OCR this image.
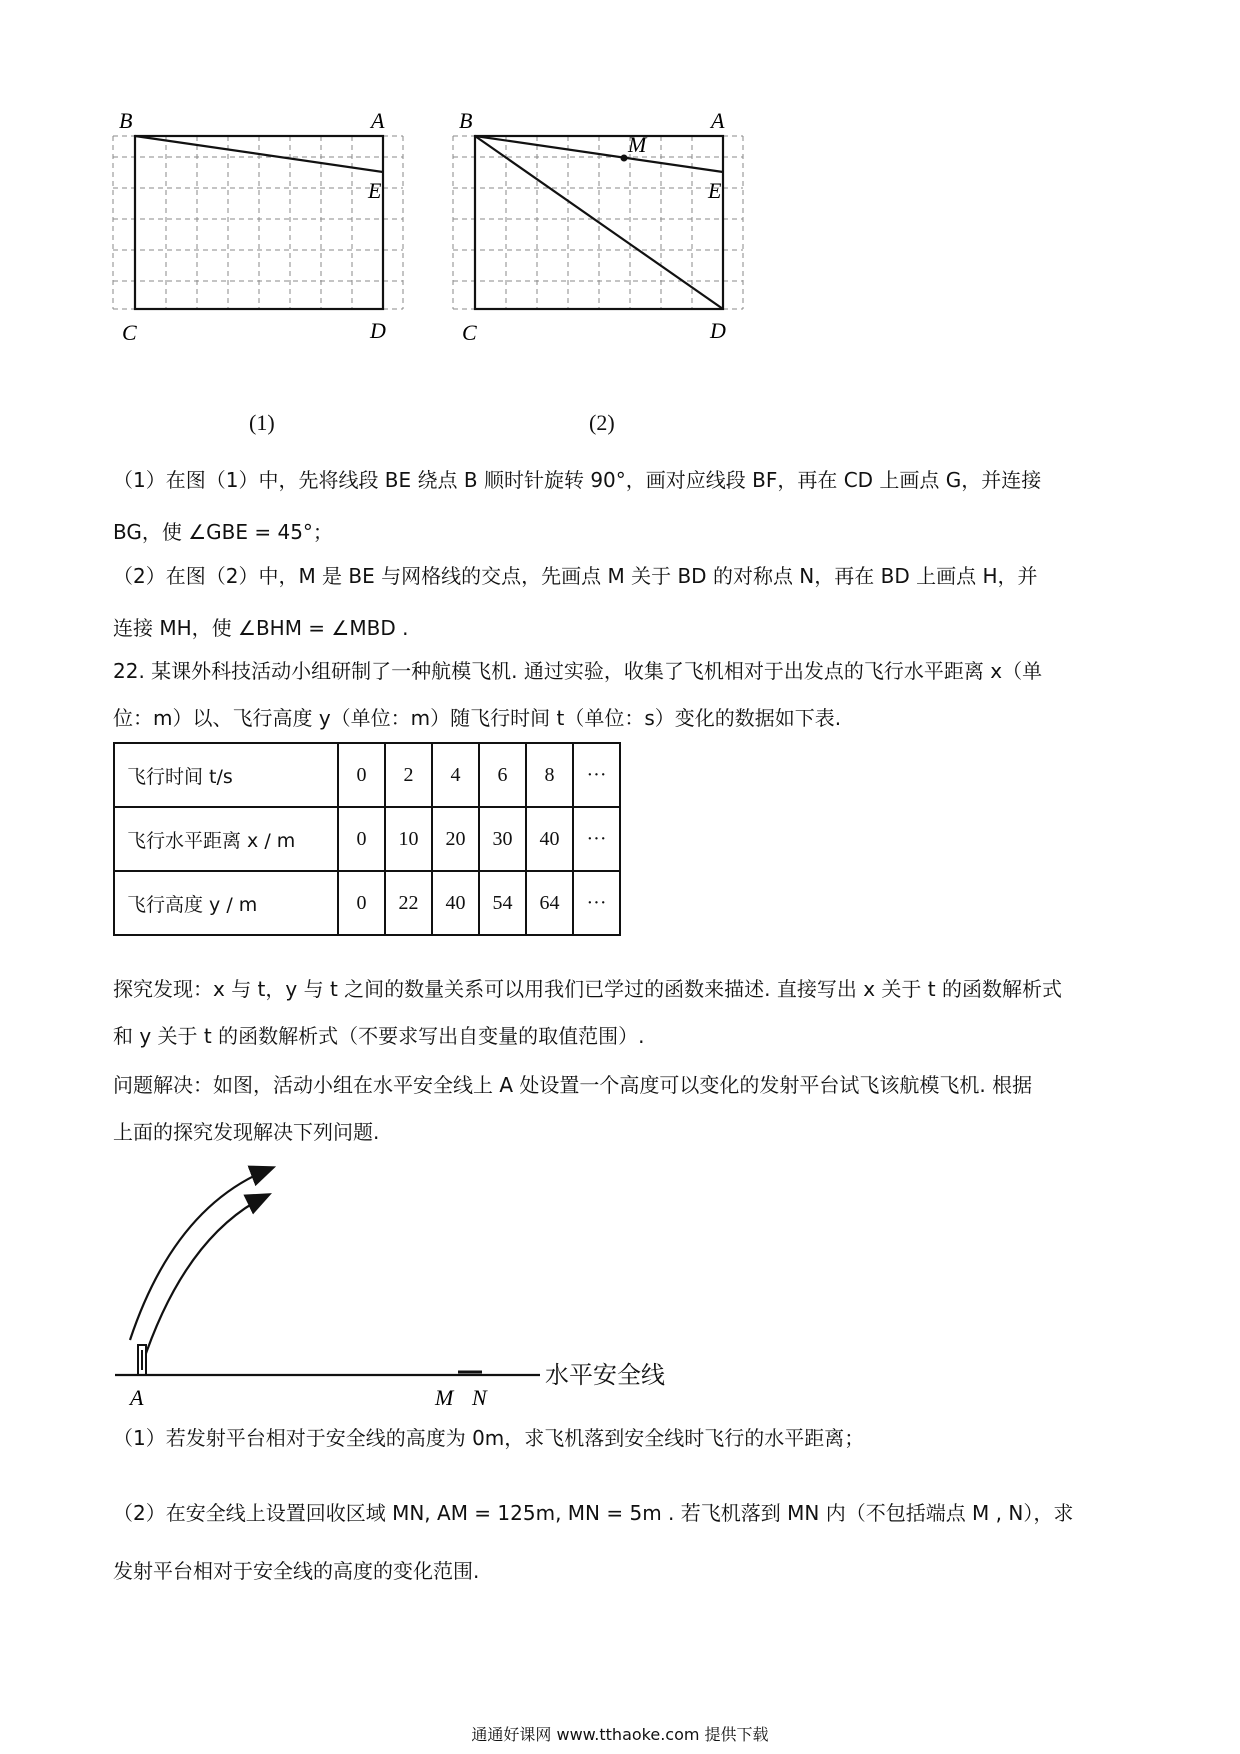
B	A
E
C	D
(1)
B	A
M
E
C	D
(2)
（1）在图（1）中，先将线段 BE 绕点 B 顺时针旋转 90°，画对应线段 BF，再在 CD 上画点 G，并连接
BG，使 ∠GBE = 45°；
（2）在图（2）中，M 是 BE 与网格线的交点，先画点 M 关于 BD 的对称点 N，再在 BD 上画点 H，并
连接 MH，使 ∠BHM = ∠MBD .
22. 某课外科技活动小组研制了一种航模飞机. 通过实验，收集了飞机相对于出发点的飞行水平距离 x（单
位：m）以、飞行高度 y（单位：m）随飞行时间 t（单位：s）变化的数据如下表.
飞行时间 t/s	0	2	4	6	8	···
飞行水平距离 x / m	0	10	20	30	40	···
飞行高度 y / m	0	22	40	54	64	···
探究发现：x 与 t，y 与 t 之间的数量关系可以用我们已学过的函数来描述. 直接写出 x 关于 t 的函数解析式
和 y 关于 t 的函数解析式（不要求写出自变量的取值范围）.
问题解决：如图，活动小组在水平安全线上 A 处设置一个高度可以变化的发射平台试飞该航模飞机. 根据
上面的探究发现解决下列问题.
A	M N
水平安全线
（1）若发射平台相对于安全线的高度为 0m，求飞机落到安全线时飞行的水平距离；
（2）在安全线上设置回收区域 MN, AM = 125m, MN = 5m . 若飞机落到 MN 内（不包括端点 M , N），求
发射平台相对于安全线的高度的变化范围.
通通好课网 www.tthaoke.com 提供下载
